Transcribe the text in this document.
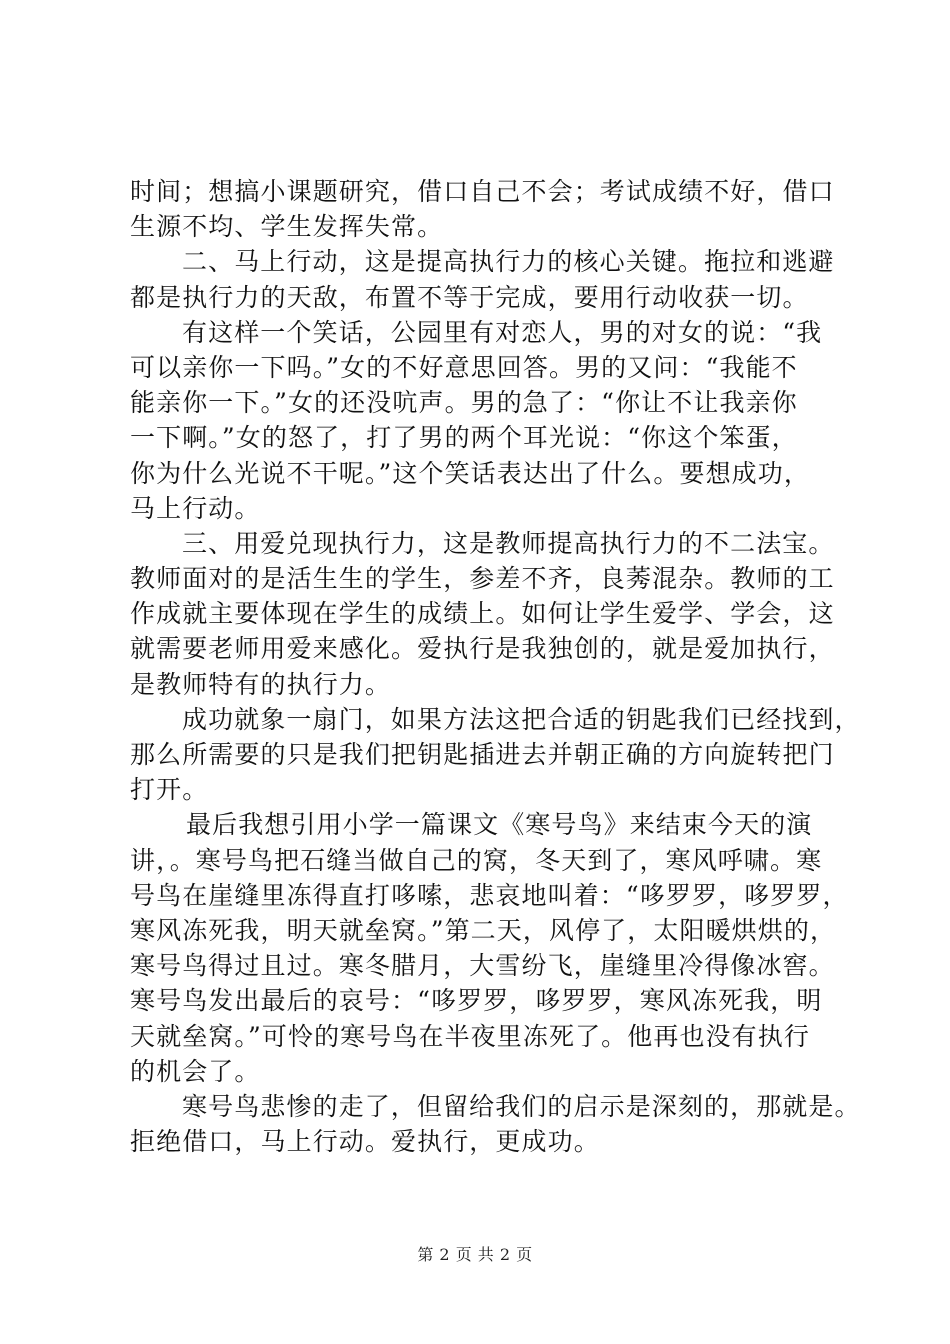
时间；想搞小课题研究，借口自己不会；考试成绩不好，借口
生源不均、学生发挥失常。
二、马上行动，这是提高执行力的核心关键。拖拉和逃避
都是执行力的天敌，布置不等于完成，要用行动收获一切。
有这样一个笑话，公园里有对恋人，男的对女的说：“我
可以亲你一下吗。”女的不好意思回答。男的又问：“我能不
能亲你一下。”女的还没吭声。男的急了：“你让不让我亲你
一下啊。”女的怒了，打了男的两个耳光说：“你这个笨蛋，
你为什么光说不干呢。”这个笑话表达出了什么。要想成功，
马上行动。
三、用爱兑现执行力，这是教师提高执行力的不二法宝。
教师面对的是活生生的学生，参差不齐，良莠混杂。教师的工
作成就主要体现在学生的成绩上。如何让学生爱学、学会，这
就需要老师用爱来感化。爱执行是我独创的，就是爱加执行，
是教师特有的执行力。
成功就象一扇门，如果方法这把合适的钥匙我们已经找到，
那么所需要的只是我们把钥匙插进去并朝正确的方向旋转把门
打开。
最后我想引用小学一篇课文《寒号鸟》来结束今天的演
讲，。寒号鸟把石缝当做自己的窝，冬天到了，寒风呼啸。寒
号鸟在崖缝里冻得直打哆嗦，悲哀地叫着：“哆罗罗，哆罗罗，
寒风冻死我，明天就垒窝。”第二天，风停了，太阳暖烘烘的，
寒号鸟得过且过。寒冬腊月，大雪纷飞，崖缝里冷得像冰窖。
寒号鸟发出最后的哀号：“哆罗罗，哆罗罗，寒风冻死我，明
天就垒窝。”可怜的寒号鸟在半夜里冻死了。他再也没有执行
的机会了。
寒号鸟悲惨的走了，但留给我们的启示是深刻的，那就是。
拒绝借口，马上行动。爱执行，更成功。
第 2 页 共 2 页
